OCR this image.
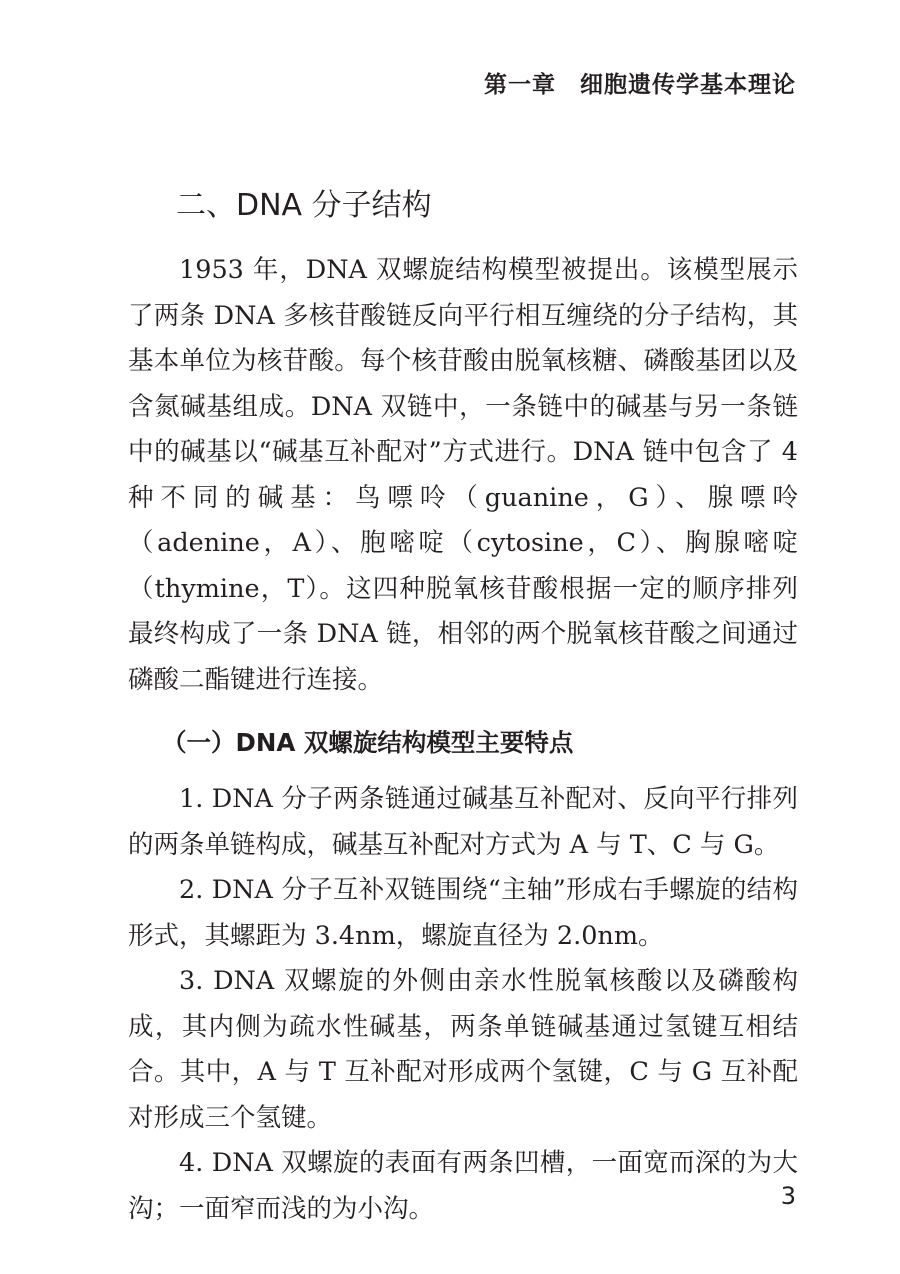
第一章　细胞遗传学基本理论
二、DNA 分子结构

1953 年，DNA 双螺旋结构模型被提出。该模型展示了两条 DNA 多核苷酸链反向平行相互缠绕的分子结构，其基本单位为核苷酸。每个核苷酸由脱氧核糖、磷酸基团以及含氮碱基组成。DNA 双链中，一条链中的碱基与另一条链中的碱基以“碱基互补配对”方式进行。DNA 链中包含了 4 种不同的碱基：鸟嘌呤（guanine，G）、腺嘌呤（adenine，A）、胞嘧啶（cytosine，C）、胸腺嘧啶（thymine，T）。这四种脱氧核苷酸根据一定的顺序排列最终构成了一条 DNA 链，相邻的两个脱氧核苷酸之间通过磷酸二酯键进行连接。

（一）DNA 双螺旋结构模型主要特点

1. DNA 分子两条链通过碱基互补配对、反向平行排列的两条单链构成，碱基互补配对方式为 A 与 T、C 与 G。

2. DNA 分子互补双链围绕“主轴”形成右手螺旋的结构形式，其螺距为 3.4nm，螺旋直径为 2.0nm。

3. DNA 双螺旋的外侧由亲水性脱氧核酸以及磷酸构成，其内侧为疏水性碱基，两条单链碱基通过氢键互相结合。其中，A 与 T 互补配对形成两个氢键，C 与 G 互补配对形成三个氢键。

4. DNA 双螺旋的表面有两条凹槽，一面宽而深的为大沟；一面窄而浅的为小沟。	3
